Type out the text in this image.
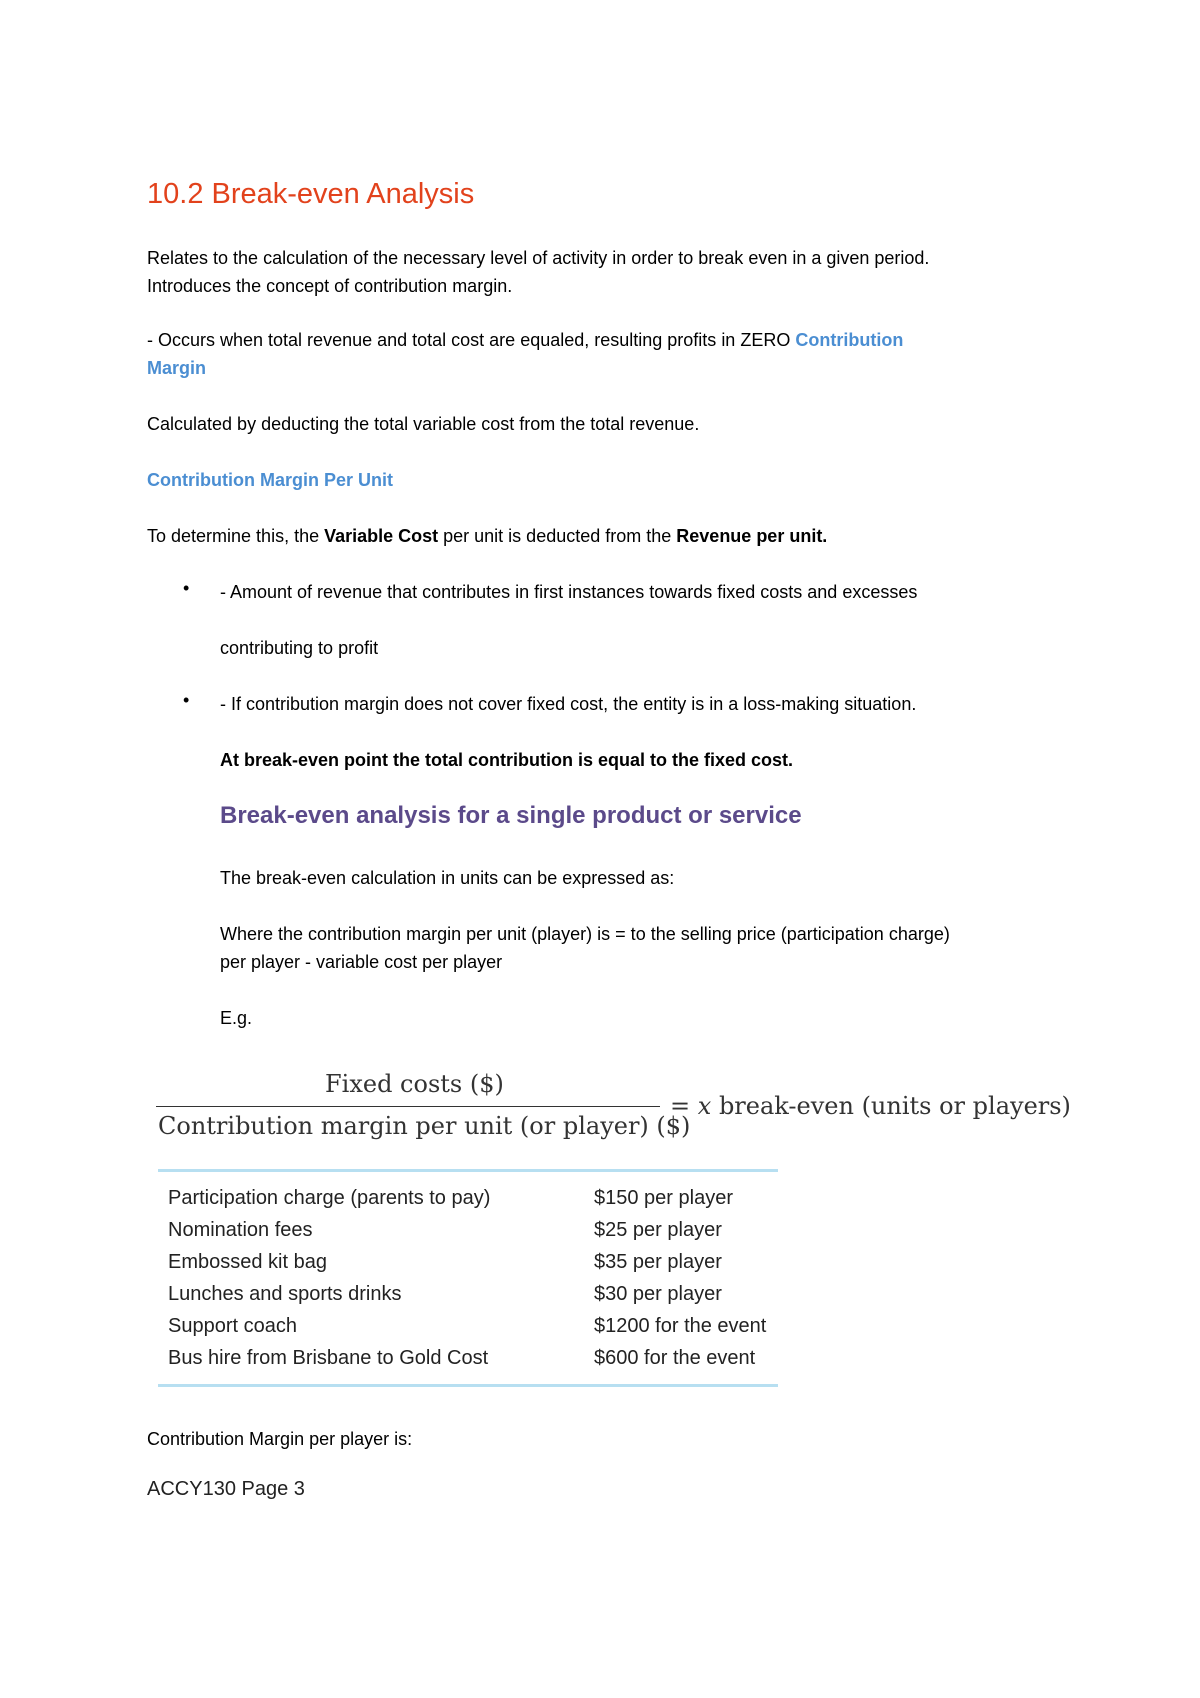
10.2 Break-even Analysis
Relates to the calculation of the necessary level of activity in order to break even in a given period.
Introduces the concept of contribution margin.
- Occurs when total revenue and total cost are equaled, resulting profits in ZERO Contribution
Margin
Calculated by deducting the total variable cost from the total revenue.
Contribution Margin Per Unit
To determine this, the Variable Cost per unit is deducted from the Revenue per unit.
• - Amount of revenue that contributes in first instances towards fixed costs and excesses
contributing to profit
• - If contribution margin does not cover fixed cost, the entity is in a loss-making situation.
At break-even point the total contribution is equal to the fixed cost.
Break-even analysis for a single product or service
The break-even calculation in units can be expressed as:
Where the contribution margin per unit (player) is = to the selling price (participation charge)
per player - variable cost per player
E.g.
Fixed costs ($)
Contribution margin per unit (or player) ($)
= x break-even (units or players)
Participation charge (parents to pay)	$150 per player
Nomination fees	$25 per player
Embossed kit bag	$35 per player
Lunches and sports drinks	$30 per player
Support coach	$1200 for the event
Bus hire from Brisbane to Gold Cost	$600 for the event
Contribution Margin per player is:
ACCY130 Page 3
